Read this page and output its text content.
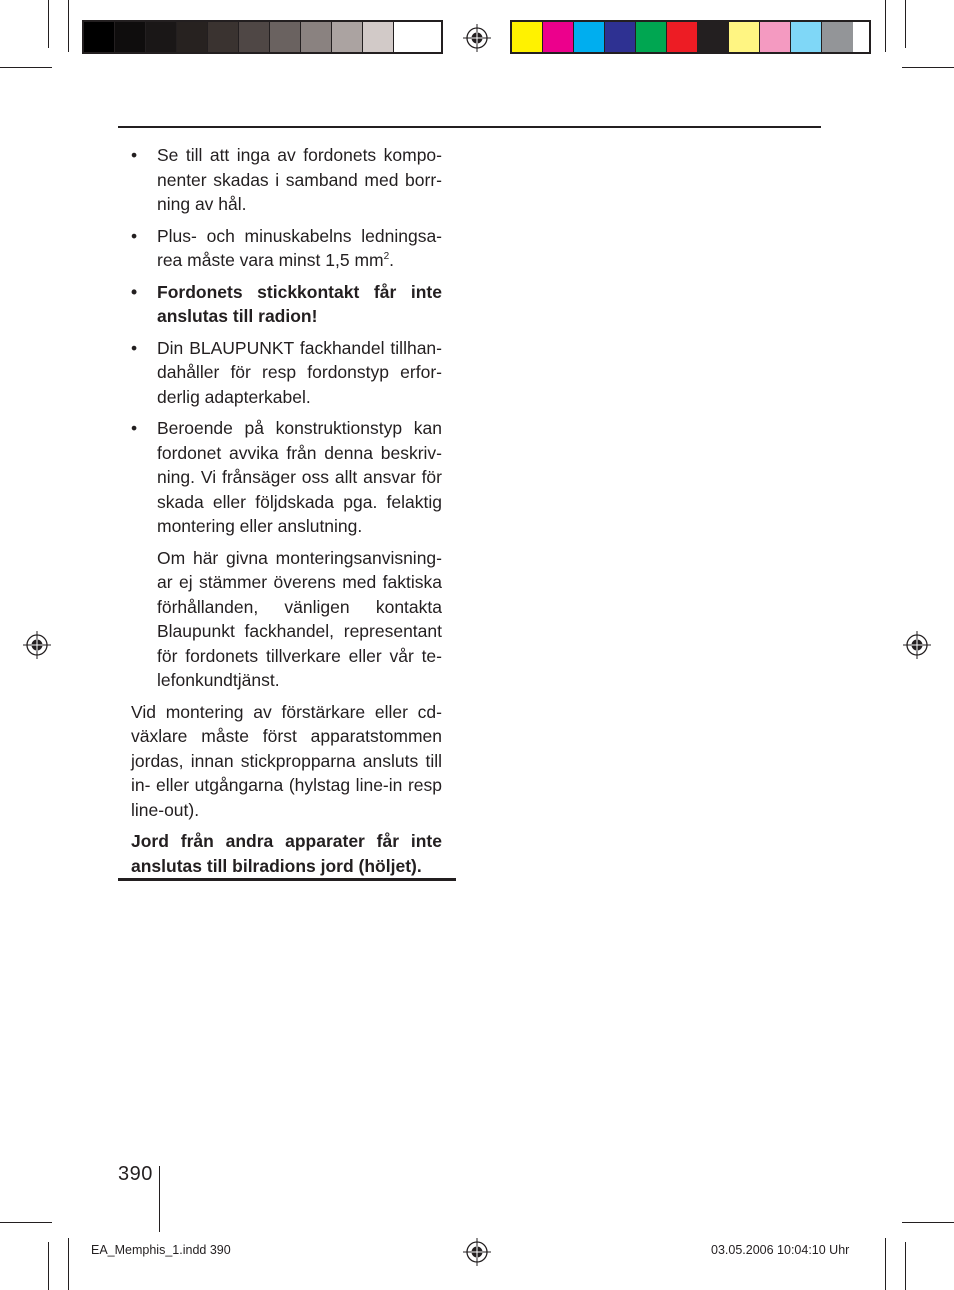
• Se till att inga av fordonets kompo-nenter skadas i samband med borr-ning av hål.
• Plus- och minuskabelns ledningsa-rea måste vara minst 1,5 $mm^2$.
• Fordonets stickkontakt får inte anslutas till radion!
• Din BLAUPUNKT fackhandel tillhan-dahåller för resp fordonstyp erfor-derlig adapterkabel.
• Beroende på konstruktionstyp kan fordonet avvika från denna beskriv-ning. Vi frånsäger oss allt ansvar för skada eller följdskada pga. felaktig montering eller anslutning.
Om här givna monteringsanvisning-ar ej stämmer överens med faktiska förhållanden, vänligen kontakta Blaupunkt fackhandel, representant för fordonets tillverkare eller vår te-lefonkundtjänst.

Vid montering av förstärkare eller cd-växlare måste först apparatstommen jordas, innan stickpropparna ansluts till in- eller utgångarna (hylstag line-in resp line-out).

Jord från andra apparater får inte anslutas till bilradions jord (höljet).

390
EA_Memphis_1.indd 390	03.05.2006 10:04:10 Uhr
